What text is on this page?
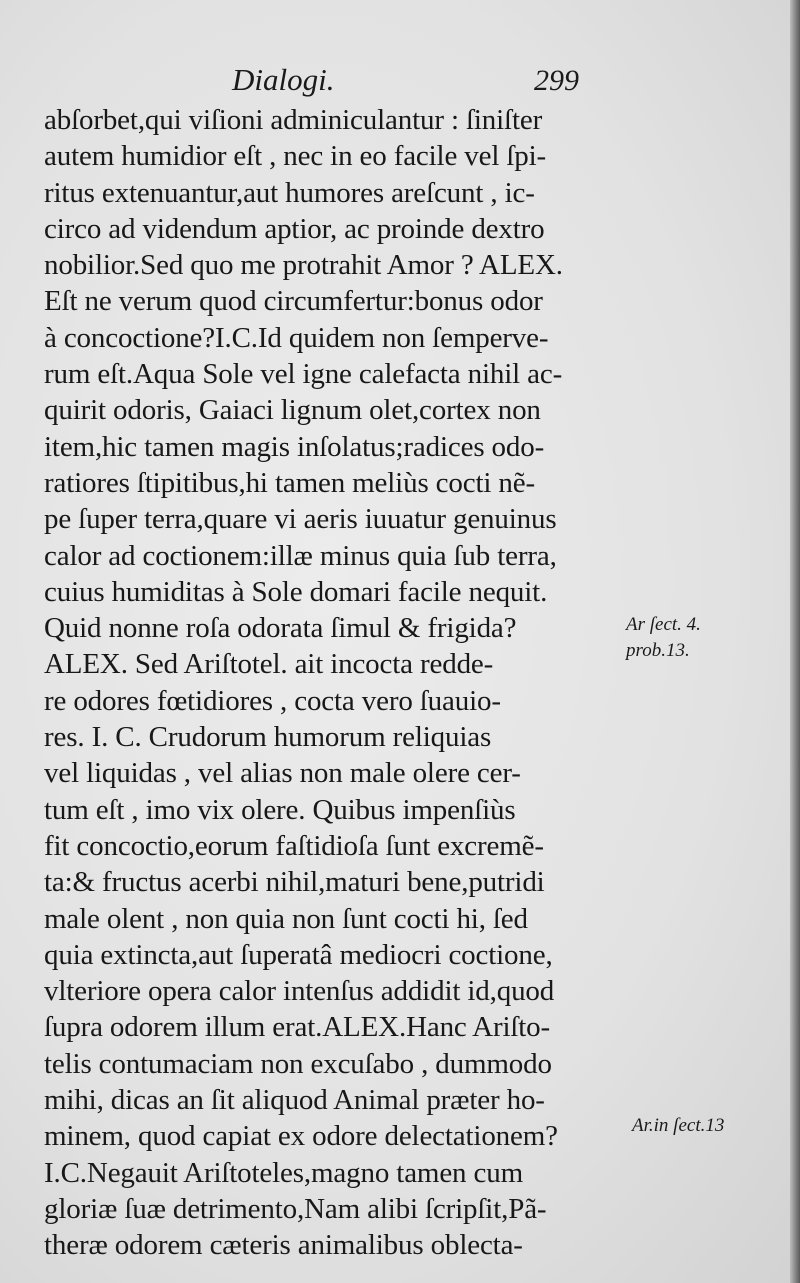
Dialogi.	299
abſorbet,qui viſioni adminiculantur : ſiniſter
autem humidior eſt , nec in eo facile vel ſpi-
ritus extenuantur,aut humores areſcunt , ic-
circo ad videndum aptior, ac proinde dextro
nobilior.Sed quo me protrahit Amor ? ALEX.
Eſt ne verum quod circumfertur:bonus odor
à concoctione?I.C.Id quidem non ſemperve-
rum eſt.Aqua Sole vel igne calefacta nihil ac-
quirit odoris, Gaiaci lignum olet,cortex non
item,hic tamen magis inſolatus;radices odo-
ratiores ſtipitibus,hi tamen meliùs cocti nẽ-
pe ſuper terra,quare vi aeris iuuatur genuinus
calor ad coctionem:illæ minus quia ſub terra,
cuius humiditas à Sole domari facile nequit.
Quid nonne roſa odorata ſimul & frigida?
ALEX. Sed Ariſtotel. ait incocta redde-
re odores fœtidiores , cocta vero ſuauio-
res. I. C. Crudorum humorum reliquias
vel liquidas , vel alias non male olere cer-
tum eſt , imo vix olere. Quibus impenſiùs
fit concoctio,eorum faſtidioſa ſunt excremẽ-
ta:& fructus acerbi nihil,maturi bene,putridi
male olent , non quia non ſunt cocti hi, ſed
quia extincta,aut ſuperatâ mediocri coctione,
vlteriore opera calor intenſus addidit id,quod
ſupra odorem illum erat.ALEX.Hanc Ariſto-
telis contumaciam non excuſabo , dummodo
mihi, dicas an ſit aliquod Animal præter ho-
minem, quod capiat ex odore delectationem?
I.C.Negauit Ariſtoteles,magno tamen cum
gloriæ ſuæ detrimento,Nam alibi ſcripſit,Pã-
theræ odorem cæteris animalibus oblecta-
Ar ſect. 4.
prob.13.
Ar.in ſect.13
